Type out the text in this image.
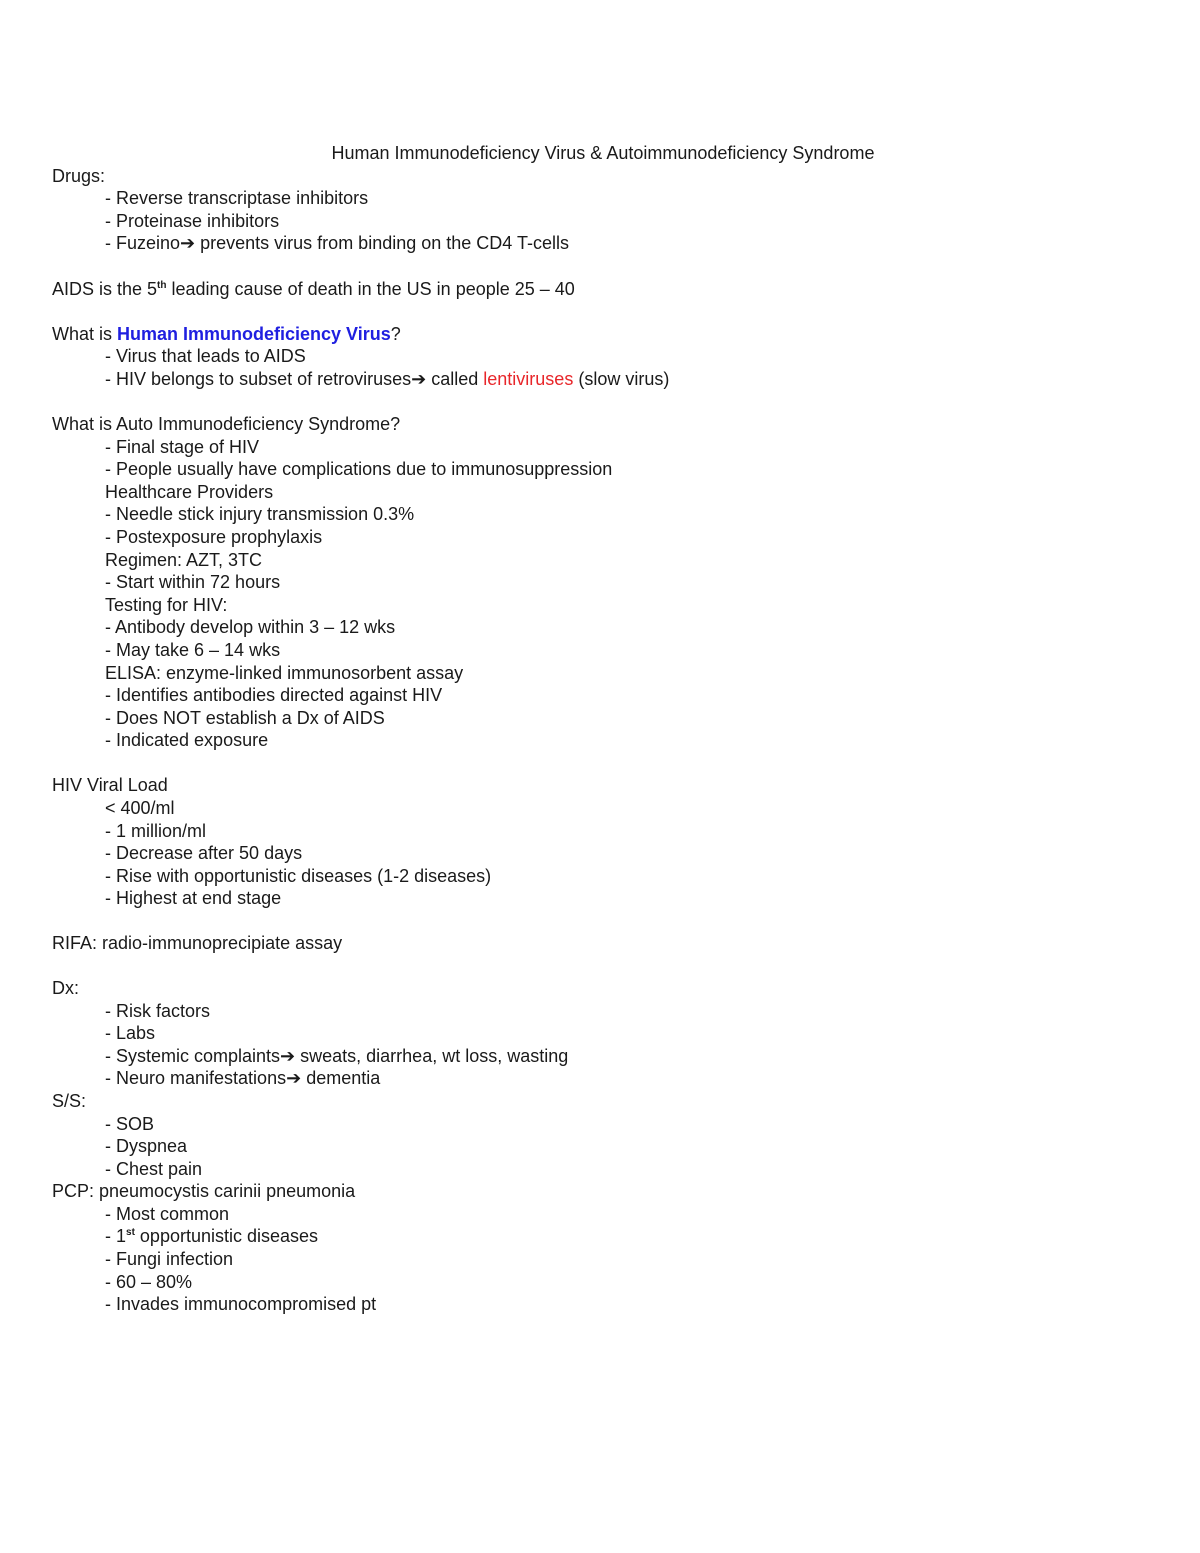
Human Immunodeficiency Virus & Autoimmunodeficiency Syndrome
Drugs:
- Reverse transcriptase inhibitors
- Proteinase inhibitors
- Fuzeino➔ prevents virus from binding on the CD4 T-cells
AIDS is the 5th leading cause of death in the US in people 25 – 40
What is Human Immunodeficiency Virus?
- Virus that leads to AIDS
- HIV belongs to subset of retroviruses➔ called lentiviruses (slow virus)
What is Auto Immunodeficiency Syndrome?
- Final stage of HIV
- People usually have complications due to immunosuppression
Healthcare Providers
- Needle stick injury transmission 0.3%
- Postexposure prophylaxis
Regimen: AZT, 3TC
- Start within 72 hours
Testing for HIV:
- Antibody develop within 3 – 12 wks
- May take 6 – 14 wks
ELISA: enzyme-linked immunosorbent assay
- Identifies antibodies directed against HIV
- Does NOT establish a Dx of AIDS
- Indicated exposure
HIV Viral Load
< 400/ml
- 1 million/ml
- Decrease after 50 days
- Rise with opportunistic diseases (1-2 diseases)
- Highest at end stage
RIFA: radio-immunoprecipiate assay
Dx:
- Risk factors
- Labs
- Systemic complaints➔ sweats, diarrhea, wt loss, wasting
- Neuro manifestations➔ dementia
S/S:
- SOB
- Dyspnea
- Chest pain
PCP: pneumocystis carinii pneumonia
- Most common
- 1st opportunistic diseases
- Fungi infection
- 60 – 80%
- Invades immunocompromised pt
